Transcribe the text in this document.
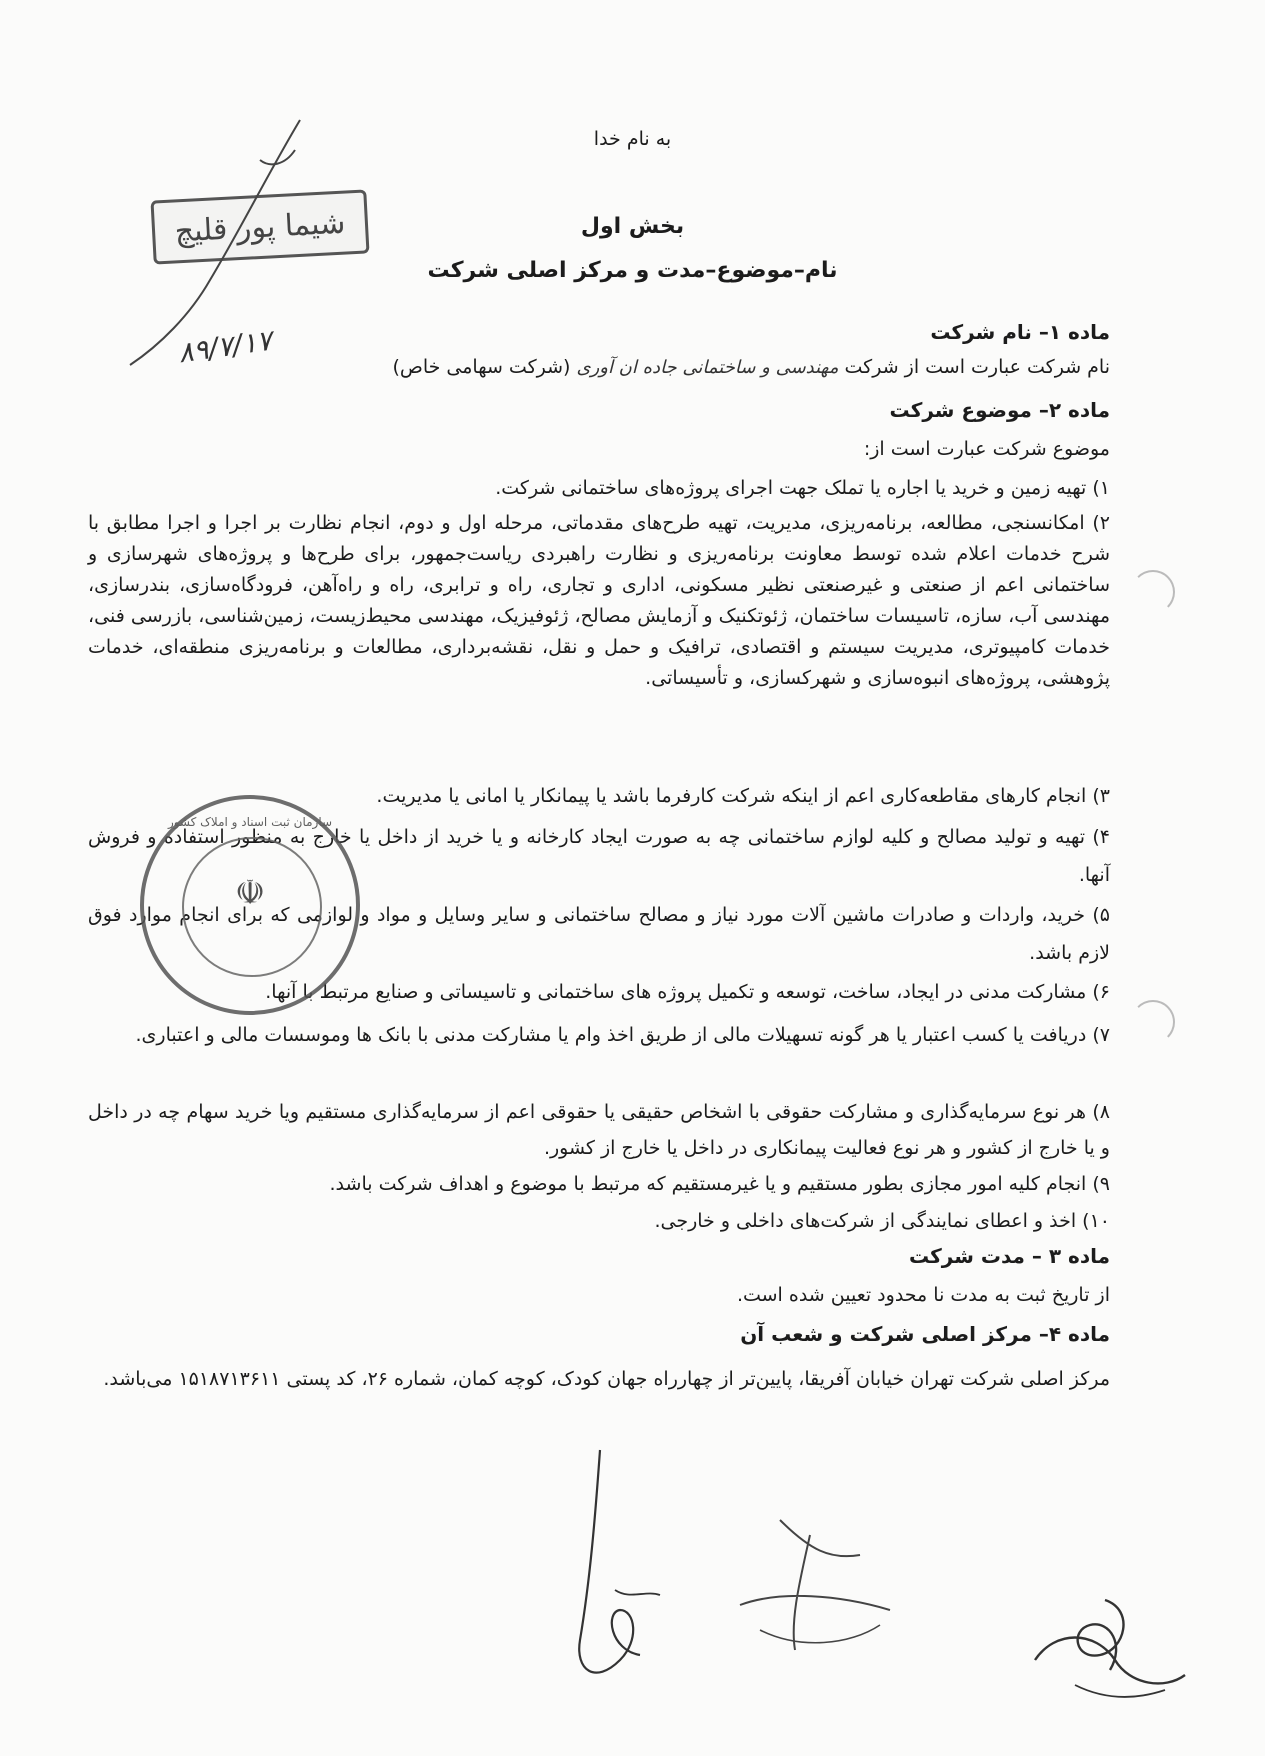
به نام خدا
بخش اول
نام–موضوع–مدت و مرکز اصلی شرکت
شیما پور قلیچ
۸۹/۷/۱۷	ماده ۱– نام شرکت
نام شرکت عبارت است از شرکت مهندسی و ساختمانی جاده ان آوری (شرکت سهامی خاص)
ماده ۲– موضوع شرکت
موضوع شرکت عبارت است از:
۱) تهیه زمین و خرید یا اجاره یا تملک جهت اجرای پروژه‌های ساختمانی شرکت.
۲) امکانسنجی، مطالعه، برنامه‌ریزی، مدیریت، تهیه طرح‌های مقدماتی، مرحله اول و دوم، انجام نظارت بر اجرا و اجرا مطابق با شرح خدمات اعلام شده توسط معاونت برنامه‌ریزی و نظارت راهبردی ریاست‌جمهور، برای طرح‌ها و پروژه‌های شهرسازی و ساختمانی اعم از صنعتی و غیرصنعتی نظیر مسکونی، اداری و تجاری، راه و ترابری، راه و راه‌آهن، فرودگاه‌سازی، بندرسازی، مهندسی آب، سازه، تاسیسات ساختمان، ژئوتکنیک و آزمایش مصالح، ژئوفیزیک، مهندسی محیط‌زیست، زمین‌شناسی، بازرسی فنی، خدمات کامپیوتری، مدیریت سیستم و اقتصادی، ترافیک و حمل و نقل، نقشه‌برداری، مطالعات و برنامه‌ریزی منطقه‌ای، خدمات پژوهشی، پروژه‌های انبوه‌سازی و شهرکسازی، و تأسیساتی.
۳) انجام کارهای مقاطعه‌کاری اعم از اینکه شرکت کارفرما باشد یا پیمانکار یا امانی یا مدیریت.
۴) تهیه و تولید مصالح و کلیه لوازم ساختمانی چه به صورت ایجاد کارخانه و یا خرید از داخل یا خارج به منظور استفاده و فروش آنها.
۵) خرید، واردات و صادرات ماشین آلات مورد نیاز و مصالح ساختمانی و سایر وسایل و مواد و لوازمی که برای انجام موارد فوق لازم باشد.
۶) مشارکت مدنی در ایجاد، ساخت، توسعه و تکمیل پروژه های ساختمانی و تاسیساتی و صنایع مرتبط با آنها.
۷) دریافت یا کسب اعتبار یا هر گونه تسهیلات مالی از طریق اخذ وام یا مشارکت مدنی با بانک ها وموسسات مالی و اعتباری.
۸) هر نوع سرمایه‌گذاری و مشارکت حقوقی با اشخاص حقیقی یا حقوقی اعم از سرمایه‌گذاری مستقیم ویا خرید سهام چه در داخل و یا خارج از کشور و هر نوع فعالیت پیمانکاری در داخل یا خارج از کشور.
۹) انجام کلیه امور مجازی بطور مستقیم و یا غیرمستقیم که مرتبط با موضوع و اهداف شرکت باشد.
۱۰) اخذ و اعطای نمایندگی از شرکت‌های داخلی و خارجی.
ماده ۳ – مدت شرکت
از تاریخ ثبت به مدت نا محدود تعیین شده است.
ماده ۴– مرکز اصلی شرکت و شعب آن
مرکز اصلی شرکت تهران خیابان آفریقا، پایین‌تر از چهارراه جهان کودک، کوچه کمان، شماره ۲۶، کد پستی ۱۵۱۸۷۱۳۶۱۱ می‌باشد.
سازمان ثبت اسناد و املاک کشور
☫
